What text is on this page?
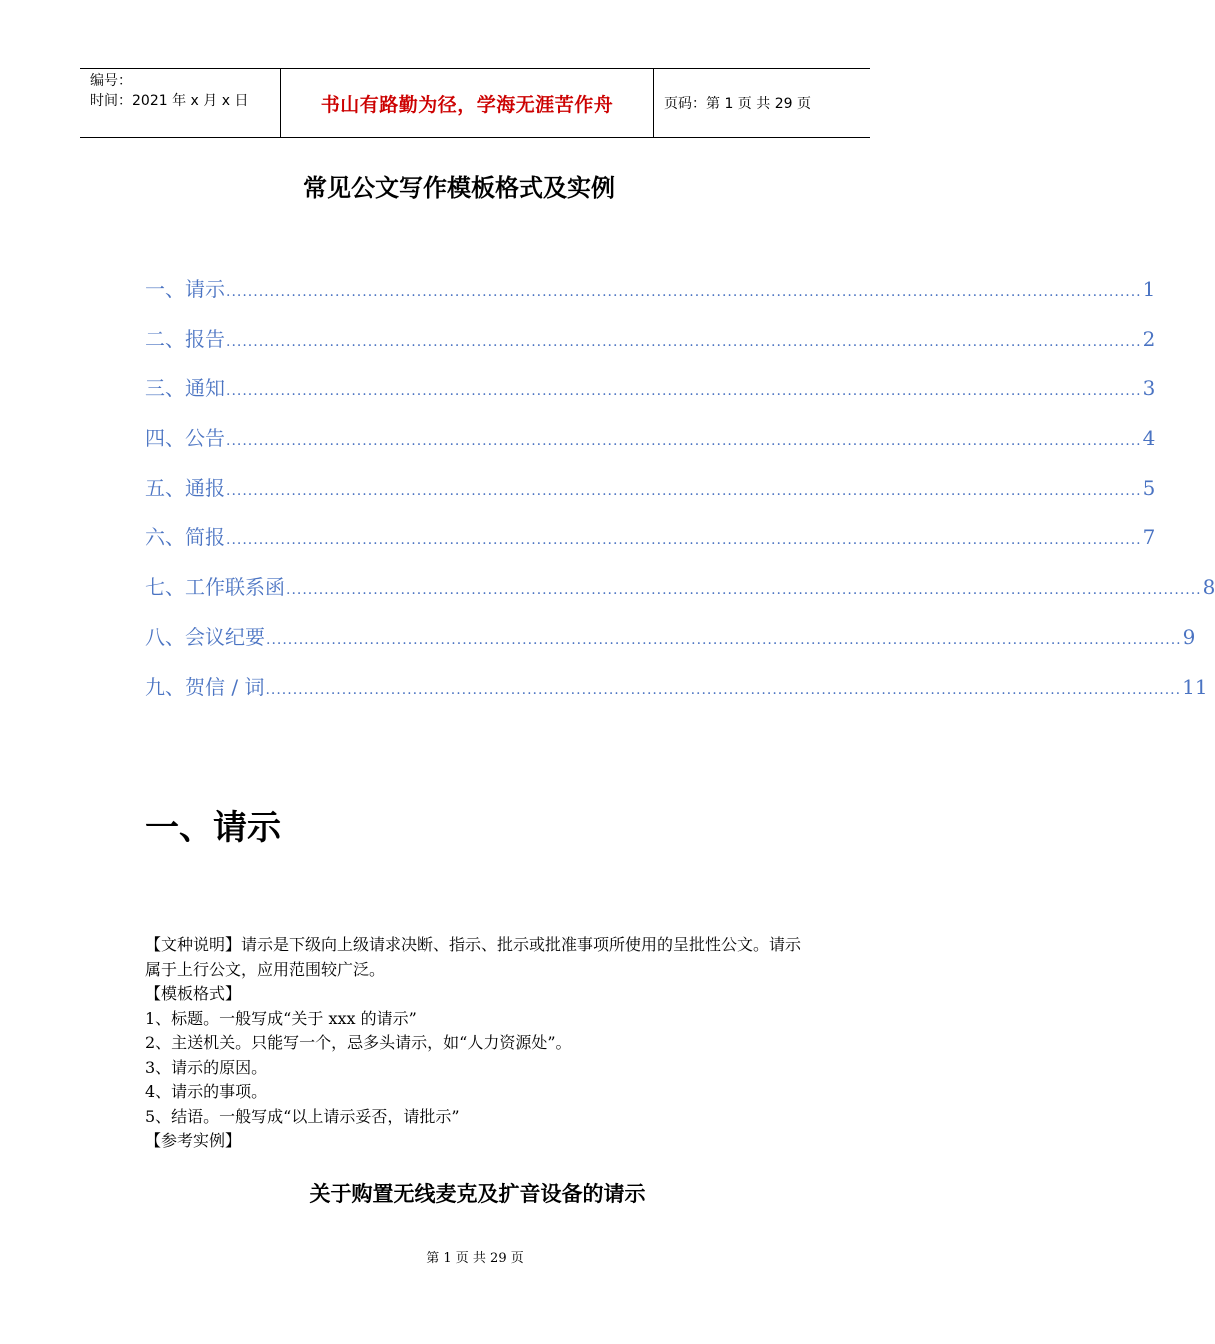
编号：
时间：2021 年 x 月 x 日	书山有路勤为径，学海无涯苦作舟	页码：第 1 页 共 29 页
常见公文写作模板格式及实例
一、请示 ........................................................................................................................................................................ 1
二、报告 ........................................................................................................................................................................ 2
三、通知 ........................................................................................................................................................................ 3
四、公告 ........................................................................................................................................................................ 4
五、通报 ........................................................................................................................................................................ 5
六、简报 ........................................................................................................................................................................ 7
七、工作联系函 ........................................................................................................................................................................ 8
八、会议纪要 ........................................................................................................................................................................ 9
九、贺信 / 词 ........................................................................................................................................................................ 11
一、请示

【文种说明】请示是下级向上级请求决断、指示、批示或批准事项所使用的呈批性公文。请示属于上行公文，应用范围较广泛。

【模板格式】

1、标题。一般写成“关于 xxx 的请示”

2、主送机关。只能写一个，忌多头请示，如“人力资源处”。

3、请示的原因。

4、请示的事项。

5、结语。一般写成“以上请示妥否，请批示”

【参考实例】

关于购置无线麦克及扩音设备的请示
第 1 页 共 29 页
